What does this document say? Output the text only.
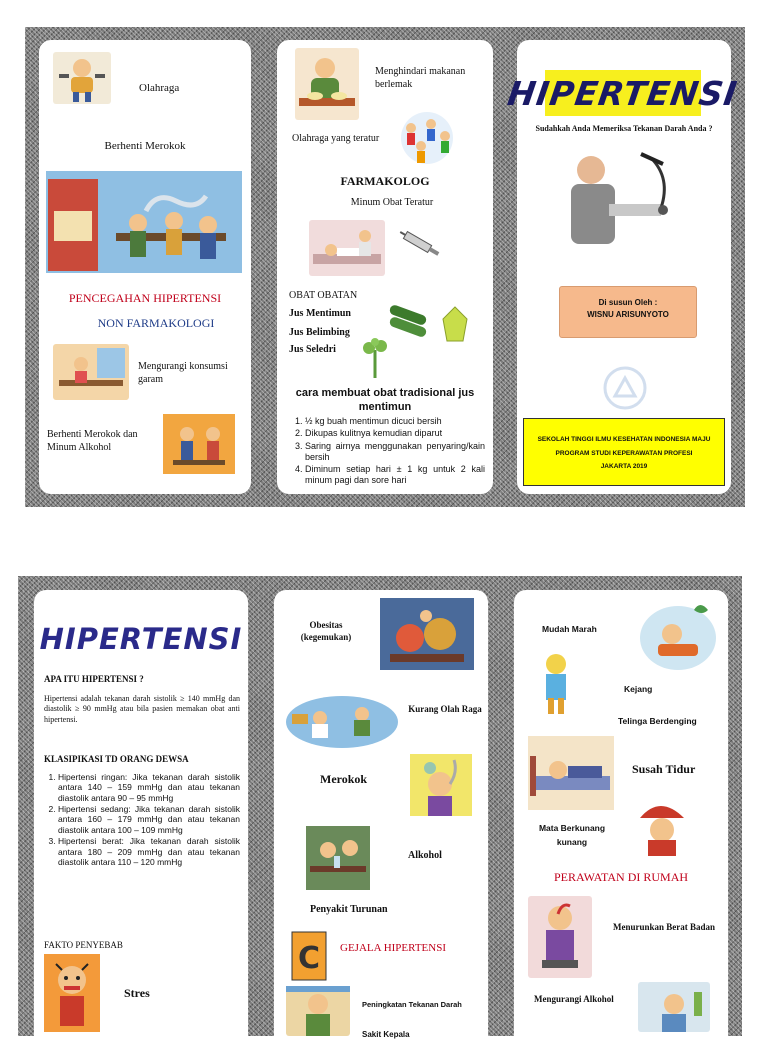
Olahraga
Berhenti Merokok
PENCEGAHAN HIPERTENSI
NON FARMAKOLOGI
Mengurangi konsumsi garam
Berhenti Merokok dan Minum Alkohol
Menghindari makanan berlemak
Olahraga yang teratur
FARMAKOLOG
Minum Obat Teratur
OBAT OBATAN
Jus Mentimun
Jus Belimbing
Jus Seledri
cara membuat obat tradisional jus mentimun
1. ½ kg buah mentimun dicuci bersih
2. Dikupas kulitnya kemudian diparut
3. Saring airnya menggunakan penyaring/kain bersih
4. Diminum setiap hari ± 1 kg untuk 2 kali minum pagi dan sore hari
HIPERTENSI
Sudahkah Anda Memeriksa Tekanan Darah Anda ?
Di susun Oleh :
WISNU ARISUNYOTO
SEKOLAH TINGGI ILMU KESEHATAN INDONESIA MAJU
PROGRAM STUDI KEPERAWATAN PROFESI
JAKARTA 2019
HIPERTENSI
APA ITU HIPERTENSI ?
Hipertensi adalah tekanan darah sistolik ≥ 140 mmHg dan diastolik ≥ 90 mmHg atau bila pasien memakan obat anti hipertensi.
KLASIPIKASI TD ORANG DEWSA
1. Hipertensi ringan: Jika tekanan darah sistolik antara 140 – 159 mmHg dan atau tekanan diastolik antara 90 – 95 mmHg
2. Hipertensi sedang: Jika tekanan darah sistolik antara 160 – 179 mmHg dan atau tekanan diastolik antara 100 – 109 mmHg
3. Hipertensi berat: Jika tekanan darah sistolik antara 180 – 209 mmHg dan atau tekanan diastolik antara 110 – 120 mmHg
FAKTO PENYEBAB
Stres
Obesitas (kegemukan)
Kurang Olah Raga
Merokok
Alkohol
Penyakit Turunan
C GEJALA HIPERTENSI
Peningkatan Tekanan Darah
Sakit Kepala
Mudah Marah
Kejang
Telinga Berdenging
Susah Tidur
Mata Berkunang kunang
PERAWATAN DI RUMAH
Menurunkan Berat Badan
Mengurangi Alkohol
